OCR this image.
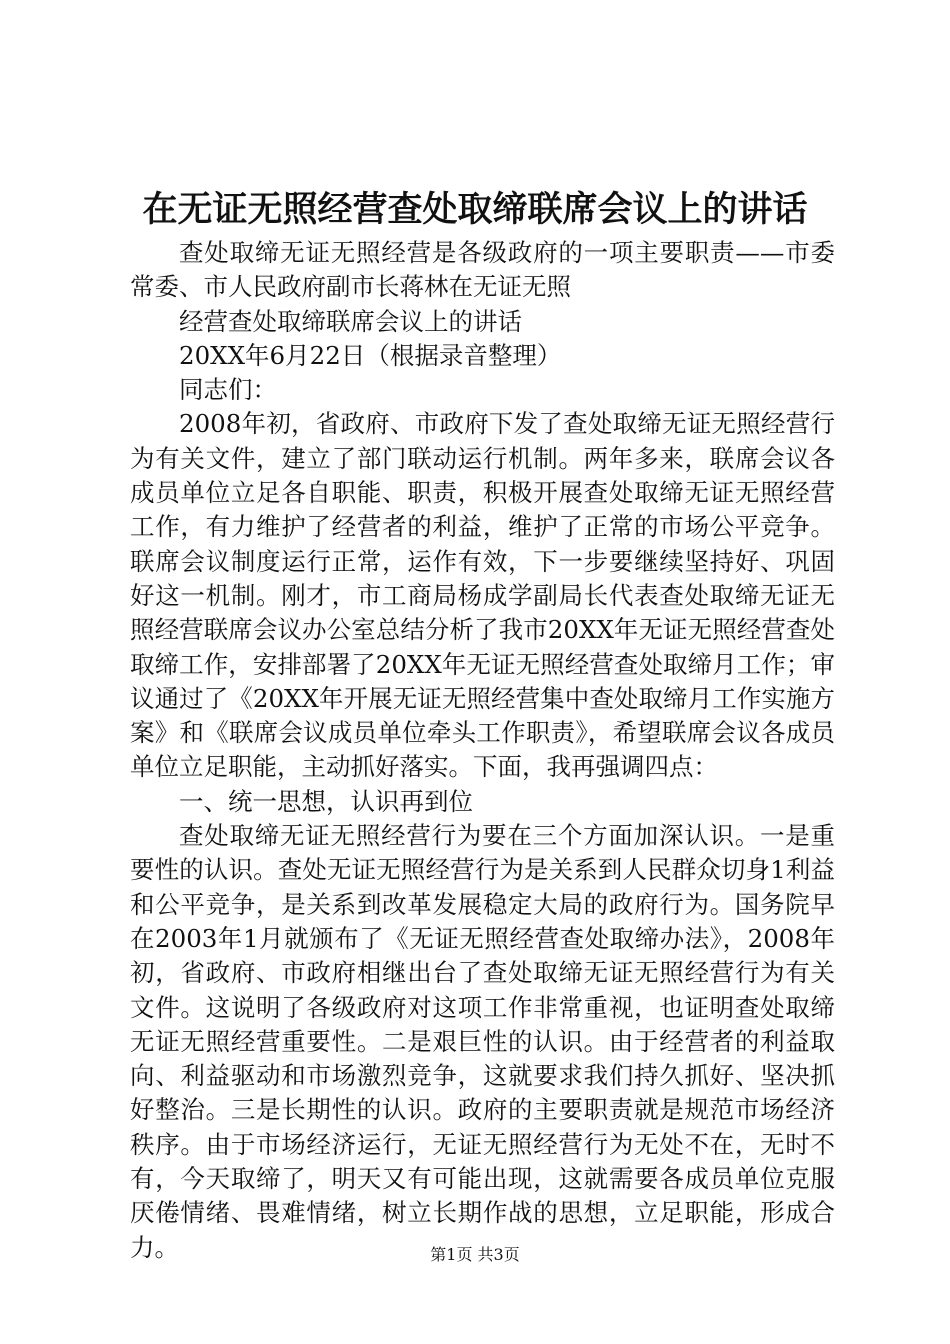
在无证无照经营查处取缔联席会议上的讲话

查处取缔无证无照经营是各级政府的一项主要职责——市委常委、市人民政府副市长蒋林在无证无照

经营查处取缔联席会议上的讲话

20XX年6月22日（根据录音整理）

同志们：

2008年初，省政府、市政府下发了查处取缔无证无照经营行为有关文件，建立了部门联动运行机制。两年多来，联席会议各成员单位立足各自职能、职责，积极开展查处取缔无证无照经营工作，有力维护了经营者的利益，维护了正常的市场公平竞争。联席会议制度运行正常，运作有效，下一步要继续坚持好、巩固好这一机制。刚才，市工商局杨成学副局长代表查处取缔无证无照经营联席会议办公室总结分析了我市20XX年无证无照经营查处取缔工作，安排部署了20XX年无证无照经营查处取缔月工作；审议通过了《20XX年开展无证无照经营集中查处取缔月工作实施方案》和《联席会议成员单位牵头工作职责》，希望联席会议各成员单位立足职能，主动抓好落实。下面，我再强调四点：

一、统一思想，认识再到位

查处取缔无证无照经营行为要在三个方面加深认识。一是重要性的认识。查处无证无照经营行为是关系到人民群众切身1利益和公平竞争，是关系到改革发展稳定大局的政府行为。国务院早在2003年1月就颁布了《无证无照经营查处取缔办法》，2008年初，省政府、市政府相继出台了查处取缔无证无照经营行为有关文件。这说明了各级政府对这项工作非常重视，也证明查处取缔无证无照经营重要性。二是艰巨性的认识。由于经营者的利益取向、利益驱动和市场激烈竞争，这就要求我们持久抓好、坚决抓好整治。三是长期性的认识。政府的主要职责就是规范市场经济秩序。由于市场经济运行，无证无照经营行为无处不在，无时不有，今天取缔了，明天又有可能出现，这就需要各成员单位克服厌倦情绪、畏难情绪，树立长期作战的思想，立足职能，形成合力。	第1页 共3页
